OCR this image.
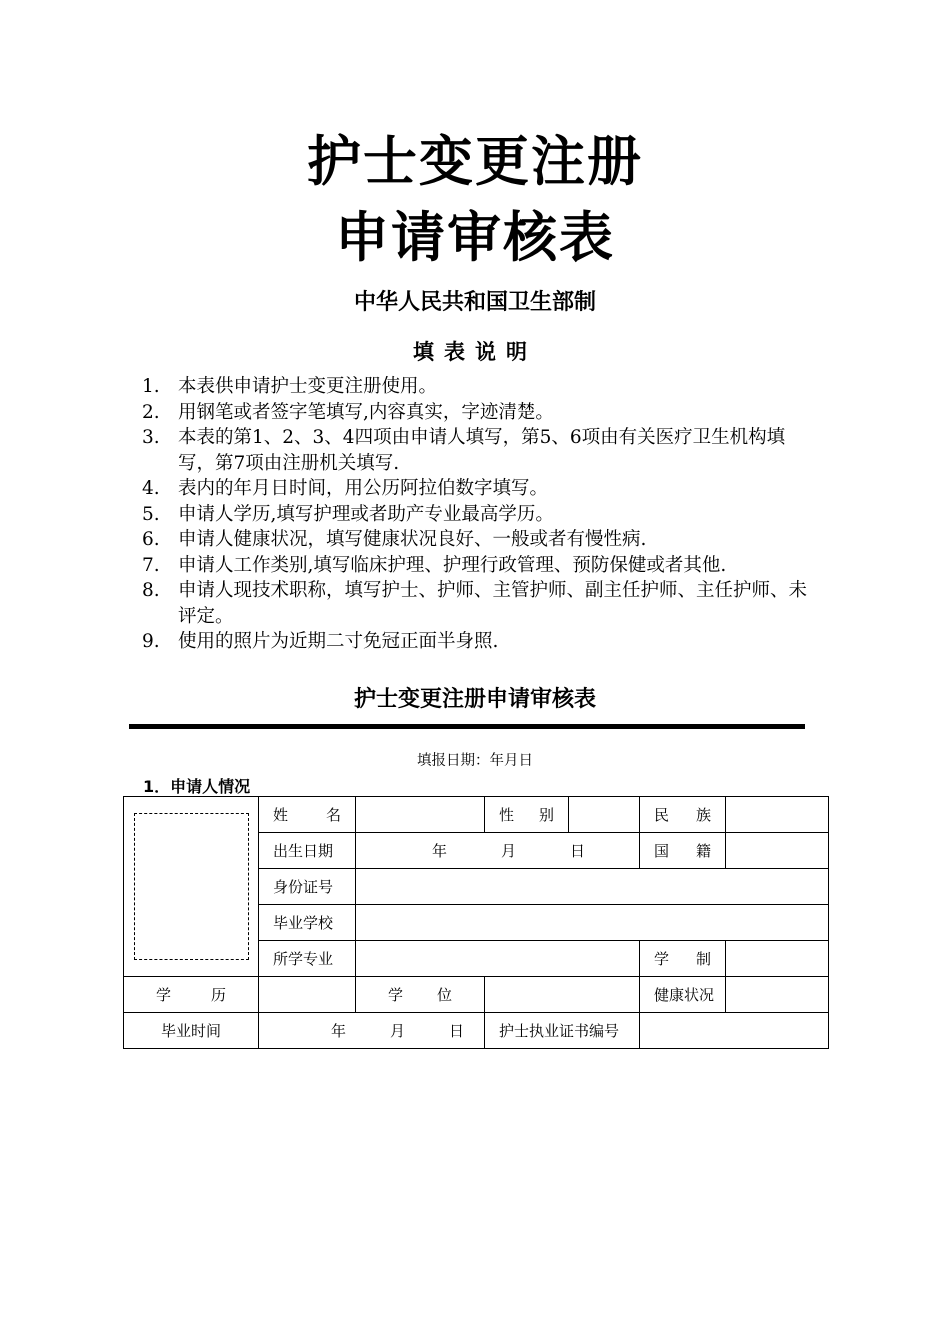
护士变更注册
申请审核表
中华人民共和国卫生部制
填表说明
1. 本表供申请护士变更注册使用。
2. 用钢笔或者签字笔填写,内容真实，字迹清楚。
3. 本表的第1、2、3、4四项由申请人填写，第5、6项由有关医疗卫生机构填写，第7项由注册机关填写.
4. 表内的年月日时间，用公历阿拉伯数字填写。
5. 申请人学历,填写护理或者助产专业最高学历。
6. 申请人健康状况，填写健康状况良好、一般或者有慢性病.
7. 申请人工作类别,填写临床护理、护理行政管理、预防保健或者其他.
8. 申请人现技术职称，填写护士、护师、主管护师、副主任护师、主任护师、未评定。
9. 使用的照片为近期二寸免冠正面半身照.
护士变更注册申请审核表
填报日期：年月日
1．申请人情况

	姓 名		性 别		民 族	

	出生日期	年 月 日			国 籍	

	身份证号					
	毕业学校					
	所学专业				学 制	

学 历		学 位			健康状况	
毕业时间	年 月 日		护士执业证书编号			
